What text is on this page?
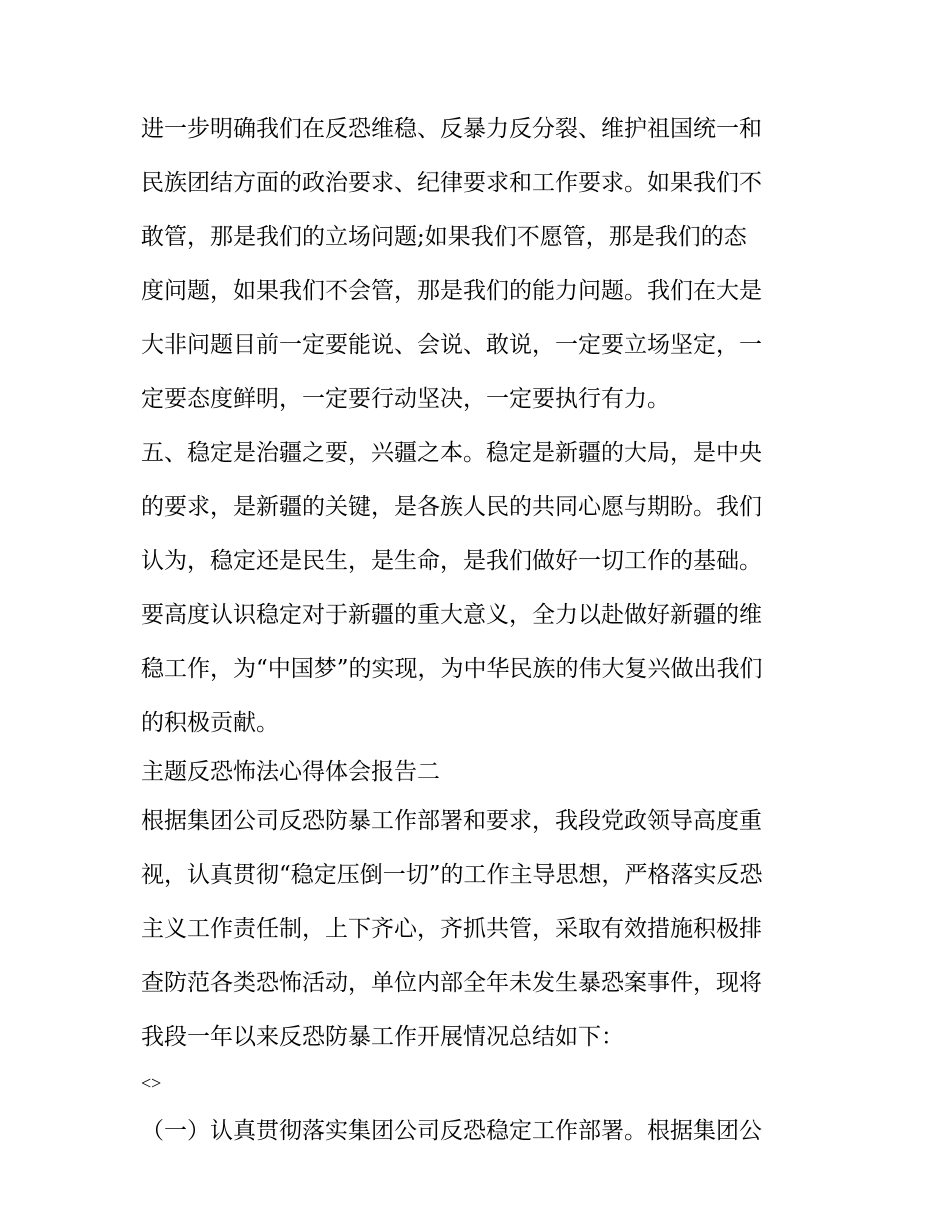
进一步明确我们在反恐维稳、反暴力反分裂、维护祖国统一和
民族团结方面的政治要求、纪律要求和工作要求。如果我们不
敢管，那是我们的立场问题;如果我们不愿管，那是我们的态
度问题，如果我们不会管，那是我们的能力问题。我们在大是
大非问题目前一定要能说、会说、敢说，一定要立场坚定，一
定要态度鲜明，一定要行动坚决，一定要执行有力。
五、稳定是治疆之要，兴疆之本。稳定是新疆的大局，是中央
的要求，是新疆的关键，是各族人民的共同心愿与期盼。我们
认为，稳定还是民生，是生命，是我们做好一切工作的基础。
要高度认识稳定对于新疆的重大意义，全力以赴做好新疆的维
稳工作，为“中国梦”的实现，为中华民族的伟大复兴做出我们
的积极贡献。
主题反恐怖法心得体会报告二
根据集团公司反恐防暴工作部署和要求，我段党政领导高度重
视，认真贯彻“稳定压倒一切”的工作主导思想，严格落实反恐
主义工作责任制，上下齐心，齐抓共管，采取有效措施积极排
查防范各类恐怖活动，单位内部全年未发生暴恐案事件，现将
我段一年以来反恐防暴工作开展情况总结如下：
<>
（一）认真贯彻落实集团公司反恐稳定工作部署。根据集团公
